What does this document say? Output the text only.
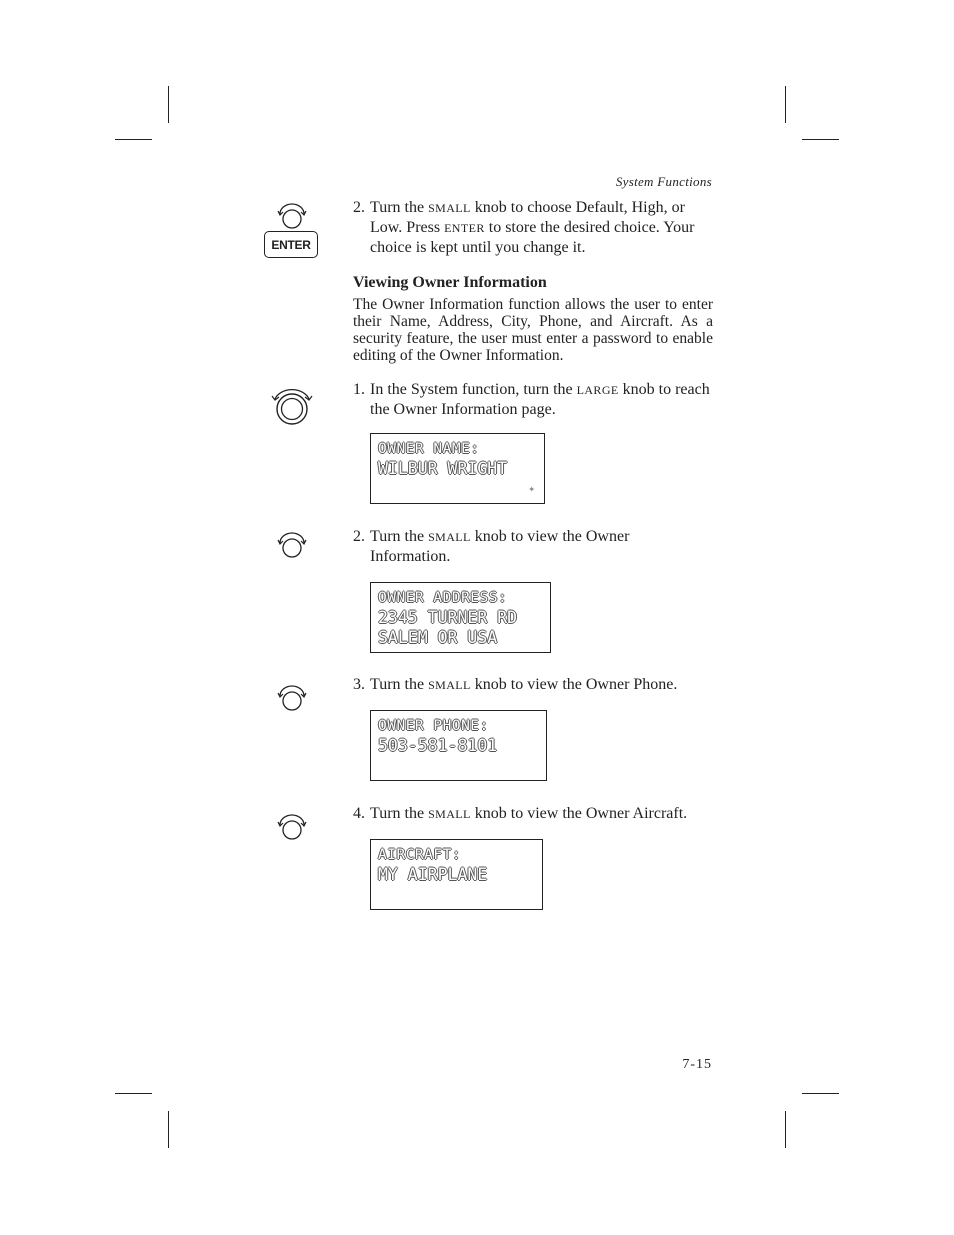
System Functions
ENTER
2. Turn the SMALL knob to choose Default, High, or Low. Press ENTER to store the desired choice. Your choice is kept until you change it.
Viewing Owner Information
The Owner Information function allows the user to enter their Name, Address, City, Phone, and Aircraft. As a security feature, the user must enter a password to enable editing of the Owner Information.
1. In the System function, turn the LARGE knob to reach the Owner Information page.
OWNER NAME:
WILBUR WRIGHT
✦
2. Turn the SMALL knob to view the Owner Information.
OWNER ADDRESS:
2345 TURNER RD
SALEM OR USA
3. Turn the SMALL knob to view the Owner Phone.
OWNER PHONE:
503-581-8101
4. Turn the SMALL knob to view the Owner Aircraft.
AIRCRAFT:
MY AIRPLANE
7-15
